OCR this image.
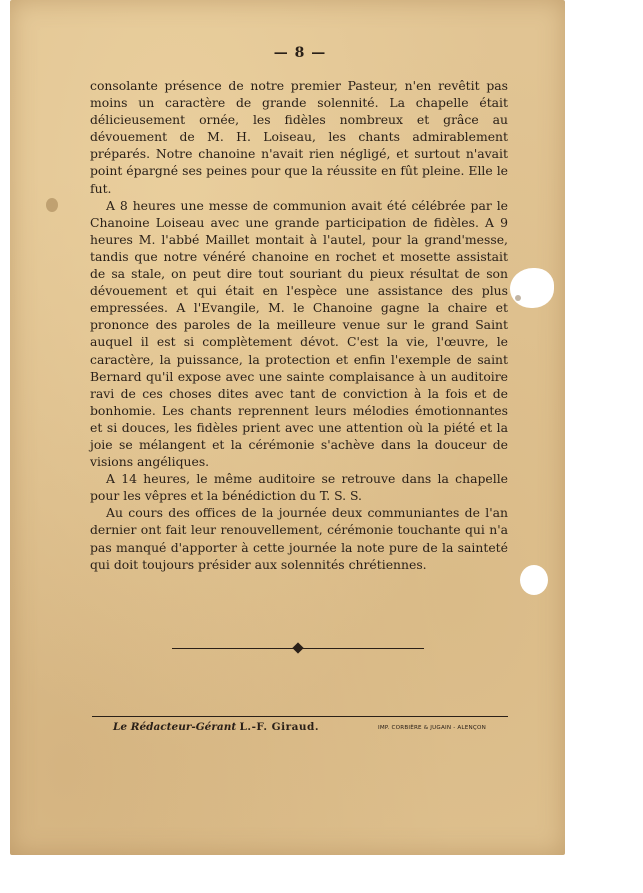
— 8 —

consolante présence de notre premier Pasteur, n'en revêtit pas moins un caractère de grande solennité. La chapelle était délicieusement ornée, les fidèles nombreux et grâce au dévouement de M. H. Loiseau, les chants admirablement préparés. Notre chanoine n'avait rien négligé, et surtout n'avait point épargné ses peines pour que la réussite en fût pleine. Elle le fut.

A 8 heures une messe de communion avait été célébrée par le Chanoine Loiseau avec une grande participation de fidèles. A 9 heures M. l'abbé Maillet montait à l'autel, pour la grand'messe, tandis que notre vénéré chanoine en rochet et mosette assistait de sa stale, on peut dire tout souriant du pieux résultat de son dévouement et qui était en l'espèce une assistance des plus empressées. A l'Evangile, M. le Chanoine gagne la chaire et prononce des paroles de la meilleure venue sur le grand Saint auquel il est si complètement dévot. C'est la vie, l'œuvre, le caractère, la puissance, la protection et enfin l'exemple de saint Bernard qu'il expose avec une sainte complaisance à un auditoire ravi de ces choses dites avec tant de conviction à la fois et de bonhomie. Les chants reprennent leurs mélodies émotionnantes et si douces, les fidèles prient avec une attention où la piété et la joie se mélangent et la cérémonie s'achève dans la douceur de visions angéliques.

A 14 heures, le même auditoire se retrouve dans la chapelle pour les vêpres et la bénédiction du T. S. S.

Au cours des offices de la journée deux communiantes de l'an dernier ont fait leur renouvellement, cérémonie touchante qui n'a pas manqué d'apporter à cette journée la note pure de la sainteté qui doit toujours présider aux solennités chrétiennes.

Le Rédacteur-Gérant L.-F. Giraud.	IMP. CORBIÈRE & JUGAIN - ALENÇON
